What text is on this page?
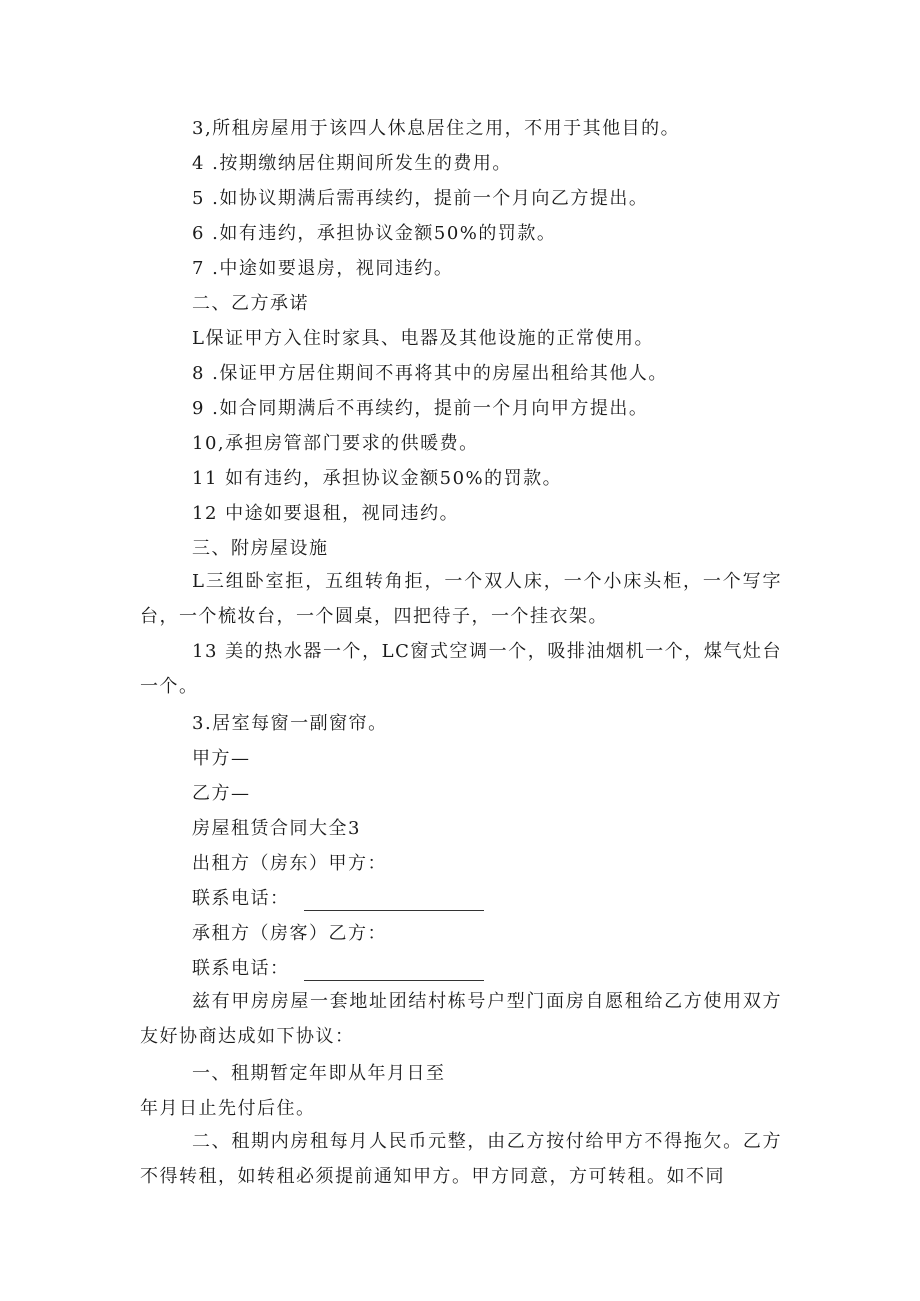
3,所租房屋用于该四人休息居住之用，不用于其他目的。
4 .按期缴纳居住期间所发生的费用。
5 .如协议期满后需再续约，提前一个月向乙方提出。
6 .如有违约，承担协议金额50%的罚款。
7 .中途如要退房，视同违约。
二、乙方承诺
L保证甲方入住时家具、电器及其他设施的正常使用。
8 .保证甲方居住期间不再将其中的房屋出租给其他人。
9 .如合同期满后不再续约，提前一个月向甲方提出。
10,承担房管部门要求的供暖费。
11 如有违约，承担协议金额50%的罚款。
12 中途如要退租，视同违约。
三、附房屋设施
L三组卧室拒，五组转角拒，一个双人床，一个小床头柜，一个写字台，一个梳妆台，一个圆桌，四把待子，一个挂衣架。
13 美的热水器一个，LC窗式空调一个，吸排油烟机一个，煤气灶台一个。
3.居室每窗一副窗帘。
甲方—
乙方—
房屋租赁合同大全3
出租方（房东）甲方：
联系电话：
承租方（房客）乙方：
联系电话：
兹有甲房房屋一套地址团结村栋号户型门面房自愿租给乙方使用双方友好协商达成如下协议：
一、租期暂定年即从年月日至
年月日止先付后住。
二、租期内房租每月人民币元整，由乙方按付给甲方不得拖欠。乙方不得转租，如转租必须提前通知甲方。甲方同意，方可转租。如不同
